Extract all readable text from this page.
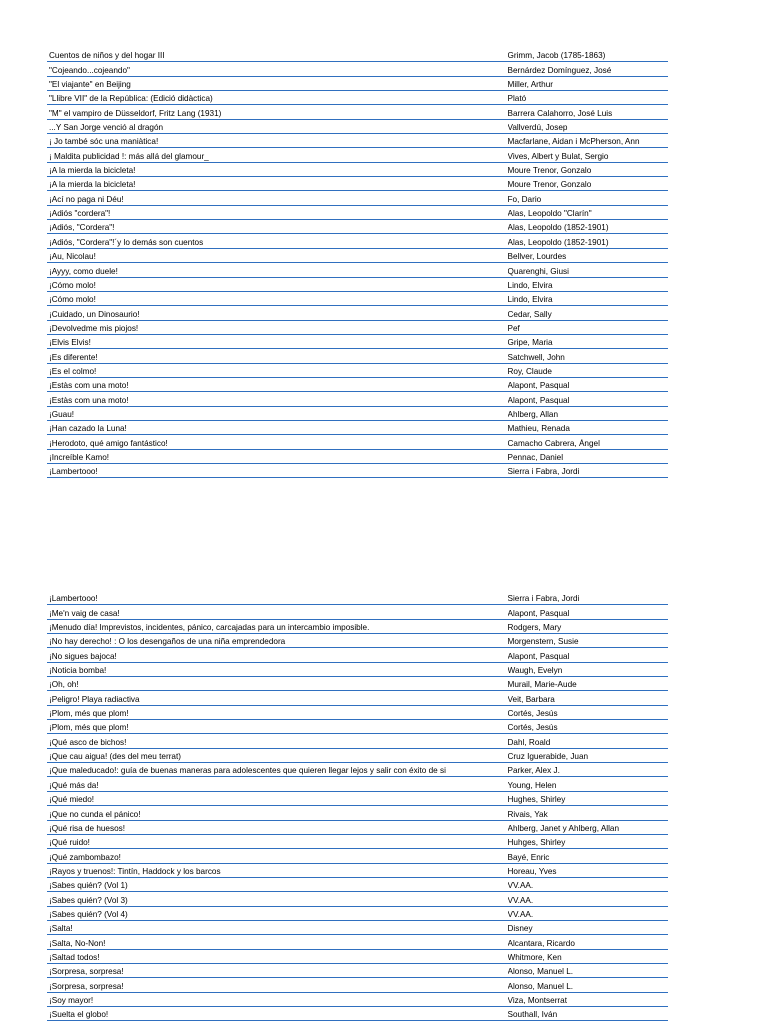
Cuentos de niños y del hogar III	Grimm, Jacob (1785-1863)
"Cojeando...cojeando"	Bernárdez Domínguez, José
"El viajante" en Beijing	Miller, Arthur
"Llibre VII" de la República: (Edició didàctica)	Plató
"M" el vampiro de Düsseldorf, Fritz Lang (1931)	Barrera Calahorro, José Luis
...Y San Jorge venció al dragón	Vallverdú, Josep
¡ Jo també sóc una maniàtica!	Macfarlane, Aidan i McPherson, Ann
¡ Maldita publicidad !: más allá del glamour_	Vives, Albert y Bulat, Sergio
¡A la mierda la bicicleta!	Moure Trenor, Gonzalo
¡A la mierda la bicicleta!	Moure Trenor, Gonzalo
¡Ací no paga ni Déu!	Fo, Dario
¡Adiós "cordera"!	Alas, Leopoldo "Clarín"
¡Adiós, "Cordera"!	Alas, Leopoldo (1852-1901)
¡Adiós, "Cordera"!´y lo demás son cuentos	Alas, Leopoldo (1852-1901)
¡Au, Nicolau!	Bellver, Lourdes
¡Ayyy, como duele!	Quarenghi, Giusi
¡Cómo molo!	Lindo, Elvira
¡Cómo molo!	Lindo, Elvira
¡Cuidado, un Dinosaurio!	Cedar, Sally
¡Devolvedme mis piojos!	Pef
¡Elvis Elvis!	Gripe, Maria
¡Es diferente!	Satchwell, John
¡Es el colmo!	Roy, Claude
¡Estàs com una moto!	Alapont, Pasqual
¡Estàs com una moto!	Alapont, Pasqual
¡Guau!	Ahlberg, Allan
¡Han cazado la Luna!	Mathieu, Renada
¡Herodoto, qué amigo fantástico!	Camacho Cabrera, Ángel
¡Increíble Kamo!	Pennac, Daniel
¡Lambertooo!	Sierra i Fabra, Jordi
¡Lambertooo!	Sierra i Fabra, Jordi
¡Me'n vaig de casa!	Alapont, Pasqual
¡Menudo día! Imprevistos, incidentes, pánico, carcajadas para un intercambio imposible.	Rodgers, Mary
¡No hay derecho! : O los desengaños de una niña emprendedora	Morgenstern, Susie
¡No sigues bajoca!	Alapont, Pasqual
¡Noticia bomba!	Waugh, Evelyn
¡Oh, oh!	Murail, Marie-Aude
¡Peligro! Playa radiactiva	Veit, Barbara
¡Plom, més que plom!	Cortés, Jesús
¡Plom, més que plom!	Cortés, Jesús
¡Qué asco de bichos!	Dahl, Roald
¡Que cau aigua! (des del meu terrat)	Cruz Iguerabide, Juan
¡Que maleducado!: guía de buenas maneras para adolescentes que quieren llegar lejos y salir con éxito de si	Parker, Alex J.
¡Qué más da!	Young, Helen
¡Qué miedo!	Hughes, Shirley
¡Que no cunda el pánico!	Rivais, Yak
¡Qué risa de huesos!	Ahlberg, Janet y Ahlberg, Allan
¡Qué ruido!	Huhges, Shirley
¡Qué zambombazo!	Bayé, Enric
¡Rayos y truenos!: Tintín, Haddock y los barcos	Horeau, Yves
¡Sabes quién? (Vol 1)	VV.AA.
¡Sabes quién? (Vol 3)	VV.AA.
¡Sabes quién? (Vol 4)	VV.AA.
¡Salta!	Disney
¡Salta, No-Non!	Alcantara, Ricardo
¡Saltad todos!	Whitmore, Ken
¡Sorpresa, sorpresa!	Alonso, Manuel L.
¡Sorpresa, sorpresa!	Alonso, Manuel L.
¡Soy mayor!	Viza, Montserrat
¡Suelta el globo!	Southall, Iván
